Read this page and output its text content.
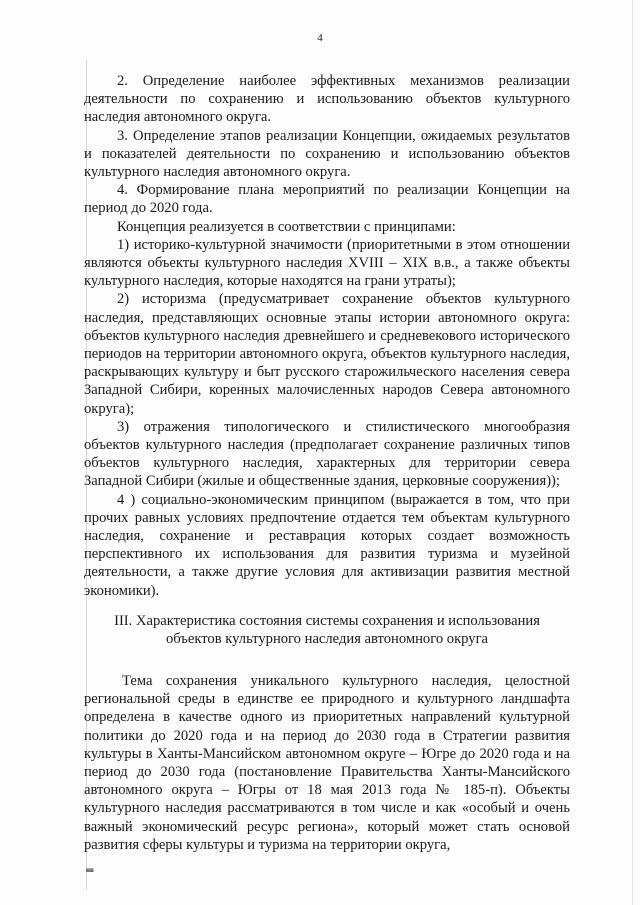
4

2. Определение наиболее эффективных механизмов реализации деятельности по сохранению и использованию объектов культурного наследия автономного округа.

3. Определение этапов реализации Концепции, ожидаемых результатов и показателей деятельности по сохранению и использованию объектов культурного наследия автономного округа.

4. Формирование плана мероприятий по реализации Концепции на период до 2020 года.

Концепция реализуется в соответствии с принципами:

1) историко-культурной значимости (приоритетными в этом отношении являются объекты культурного наследия XVIII – XIX в.в., а также объекты культурного наследия, которые находятся на грани утраты);

2) историзма (предусматривает сохранение объектов культурного наследия, представляющих основные этапы истории автономного округа: объектов культурного наследия древнейшего и средневекового исторического периодов на территории автономного округа, объектов культурного наследия, раскрывающих культуру и быт русского старожильческого населения севера Западной Сибири, коренных малочисленных народов Севера автономного округа);

3) отражения типологического и стилистического многообразия объектов культурного наследия (предполагает сохранение различных типов объектов культурного наследия, характерных для территории севера Западной Сибири (жилые и общественные здания, церковные сооружения));

4 ) социально-экономическим принципом (выражается в том, что при прочих равных условиях предпочтение отдается тем объектам культурного наследия, сохранение и реставрация которых создает возможность перспективного их использования для развития туризма и музейной деятельности, а также другие условия для активизации развития местной экономики).

III. Характеристика состояния системы сохранения и использования
объектов культурного наследия автономного округа

Тема сохранения уникального культурного наследия, целостной региональной среды в единстве ее природного и культурного ландшафта определена в качестве одного из приоритетных направлений культурной политики до 2020 года и на период до 2030 года в Стратегии развития культуры в Ханты-Мансийском автономном округе – Югре до 2020 года и на период до 2030 года (постановление Правительства Ханты-Мансийского автономного округа – Югры от 18 мая 2013 года № 185-п). Объекты культурного наследия рассматриваются в том числе и как «особый и очень важный экономический ресурс региона», который может стать основой развития сферы культуры и туризма на территории округа,

нв
